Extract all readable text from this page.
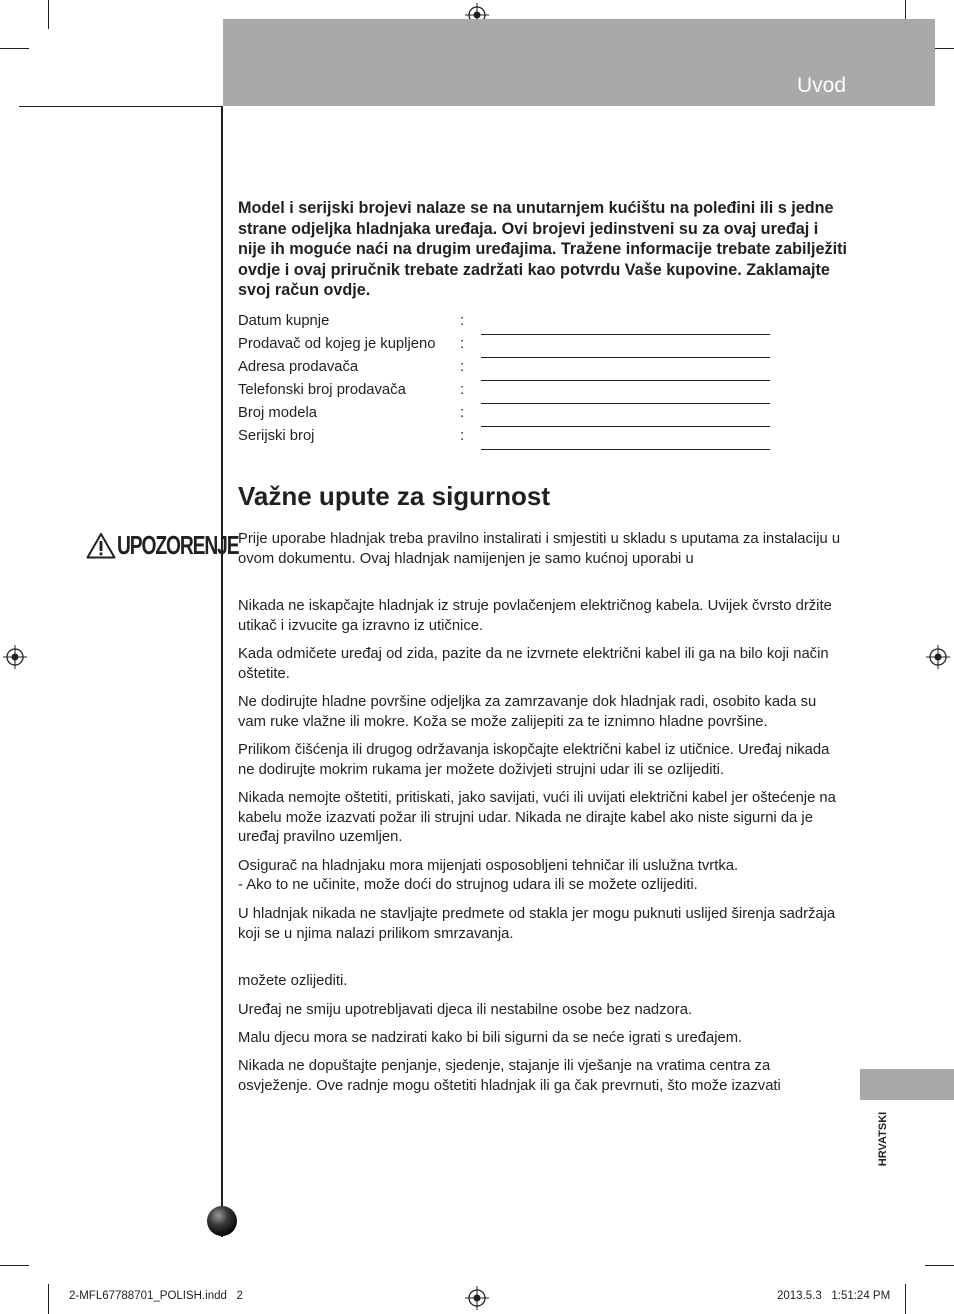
Uvod
Model i serijski brojevi nalaze se na unutarnjem kućištu na poleđini ili s jedne strane odjeljka hladnjaka uređaja. Ovi brojevi jedinstveni su za ovaj uređaj i nije ih moguće naći na drugim uređajima. Tražene informacije trebate zabilježiti ovdje i ovaj priručnik trebate zadržati kao potvrdu Vaše kupovine. Zaklamajte svoj račun ovdje.
Datum kupnje	:
Prodavač od kojeg je kupljeno :
Adresa prodavača	:
Telefonski broj prodavača	:
Broj modela	:
Serijski broj	:
Važne upute za sigurnost
UPOZORENJE Prije uporabe hladnjak treba pravilno instalirati i smjestiti u skladu s uputama za instalaciju u ovom dokumentu. Ovaj hladnjak namijenjen je samo kućnoj uporabi u
Nikada ne iskapčajte hladnjak iz struje povlačenjem električnog kabela. Uvijek čvrsto držite utikač i izvucite ga izravno iz utičnice.
Kada odmičete uređaj od zida, pazite da ne izvrnete električni kabel ili ga na bilo koji način oštetite.
Ne dodirujte hladne površine odjeljka za zamrzavanje dok hladnjak radi, osobito kada su vam ruke vlažne ili mokre. Koža se može zalijepiti za te iznimno hladne površine.
Prilikom čišćenja ili drugog održavanja iskopčajte električni kabel iz utičnice. Uređaj nikada ne dodirujte mokrim rukama jer možete doživjeti strujni udar ili se ozlijediti.
Nikada nemojte oštetiti, pritiskati, jako savijati, vući ili uvijati električni kabel jer oštećenje na kabelu može izazvati požar ili strujni udar. Nikada ne dirajte kabel ako niste sigurni da je uređaj pravilno uzemljen.
Osigurač na hladnjaku mora mijenjati osposobljeni tehničar ili uslužna tvrtka.
- Ako to ne učinite, može doći do strujnog udara ili se možete ozlijediti.
U hladnjak nikada ne stavljajte predmete od stakla jer mogu puknuti uslijed širenja sadržaja koji se u njima nalazi prilikom smrzavanja.
možete ozlijediti.
Uređaj ne smiju upotrebljavati djeca ili nestabilne osobe bez nadzora.
Malu djecu mora se nadzirati kako bi bili sigurni da se neće igrati s uređajem.
Nikada ne dopuštajte penjanje, sjedenje, stajanje ili vješanje na vratima centra za osvježenje. Ove radnje mogu oštetiti hladnjak ili ga čak prevrnuti, što može izazvati
HRVATSKI
2-MFL67788701_POLISH.indd   2	2013.5.3   1:51:24 PM
